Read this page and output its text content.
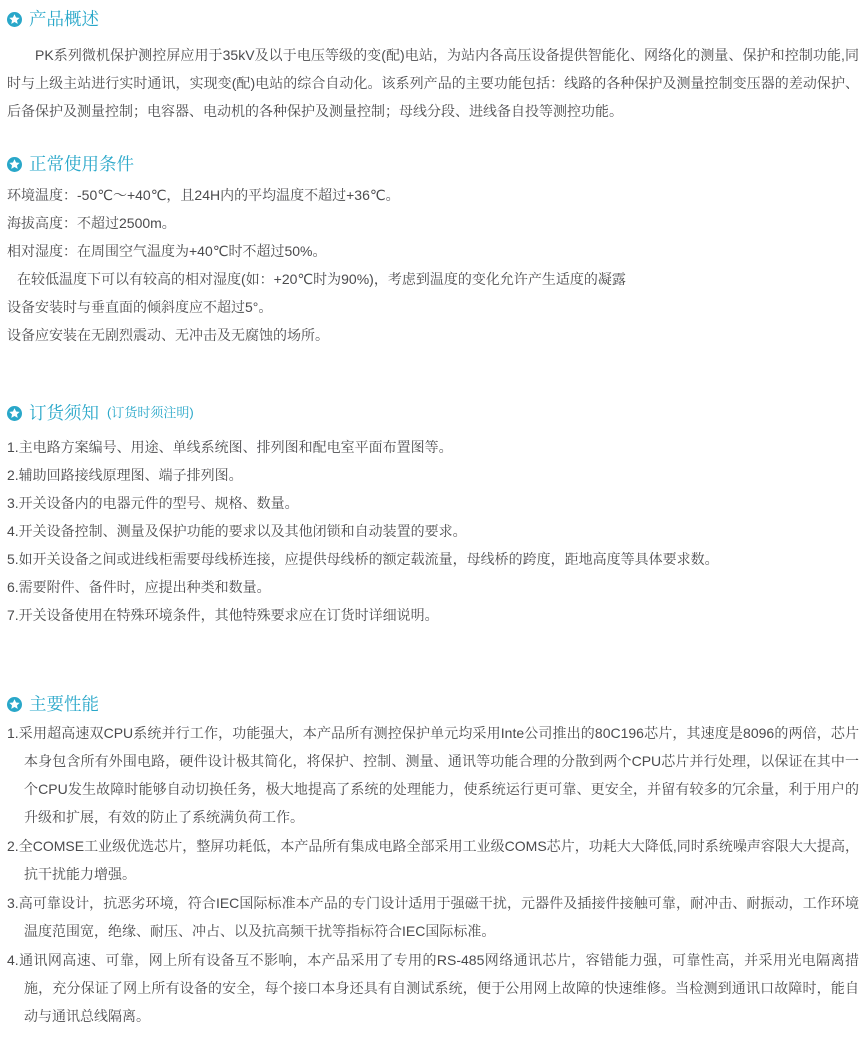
产品概述

PK系列微机保护测控屏应用于35kV及以于电压等级的变(配)电站，为站内各高压设备提供智能化、网络化的测量、保护和控制功能,同时与上级主站进行实时通讯，实现变(配)电站的综合自动化。该系列产品的主要功能包括：线路的各种保护及测量控制变压器的差动保护、后备保护及测量控制；电容器、电动机的各种保护及测量控制；母线分段、进线备自投等测控功能。

正常使用条件

环境温度：-50℃～+40℃，且24H内的平均温度不超过+36℃。

海拔高度：不超过2500m。

相对湿度：在周围空气温度为+40℃时不超过50%。

在较低温度下可以有较高的相对湿度(如：+20℃时为90%)，考虑到温度的变化允许产生适度的凝露

设备安装时与垂直面的倾斜度应不超过5°。

设备应安装在无剧烈震动、无冲击及无腐蚀的场所。

订货须知 (订货时须注明)

1.主电路方案编号、用途、单线系统图、排列图和配电室平面布置图等。

2.辅助回路接线原理图、端子排列图。

3.开关设备内的电器元件的型号、规格、数量。

4.开关设备控制、测量及保护功能的要求以及其他闭锁和自动装置的要求。

5.如开关设备之间或进线柜需要母线桥连接，应提供母线桥的额定载流量，母线桥的跨度，距地高度等具体要求数。

6.需要附件、备件时，应提出种类和数量。

7.开关设备使用在特殊环境条件，其他特殊要求应在订货时详细说明。

主要性能

1.采用超高速双CPU系统并行工作，功能强大，本产品所有测控保护单元均采用Inte公司推出的80C196芯片，其速度是8096的两倍，芯片本身包含所有外围电路，硬件设计极其简化，将保护、控制、测量、通讯等功能合理的分散到两个CPU芯片并行处理，以保证在其中一个CPU发生故障时能够自动切换任务，极大地提高了系统的处理能力，使系统运行更可靠、更安全，并留有较多的冗余量，利于用户的升级和扩展，有效的防止了系统满负荷工作。

2.全COMSE工业级优选芯片，整屏功耗低，本产品所有集成电路全部采用工业级COMS芯片，功耗大大降低,同时系统噪声容限大大提高，抗干扰能力增强。

3.高可靠设计，抗恶劣环境，符合IEC国际标准本产品的专门设计适用于强磁干扰，元器件及插接件接触可靠，耐冲击、耐振动，工作环境温度范围宽，绝缘、耐压、冲占、以及抗高频干扰等指标符合IEC国际标准。

4.通讯网高速、可靠，网上所有设备互不影响，本产品采用了专用的RS-485网络通讯芯片，容错能力强，可靠性高，并采用光电隔离措施，充分保证了网上所有设备的安全，每个接口本身还具有自测试系统，便于公用网上故障的快速维修。当检测到通讯口故障时，能自动与通讯总线隔离。
